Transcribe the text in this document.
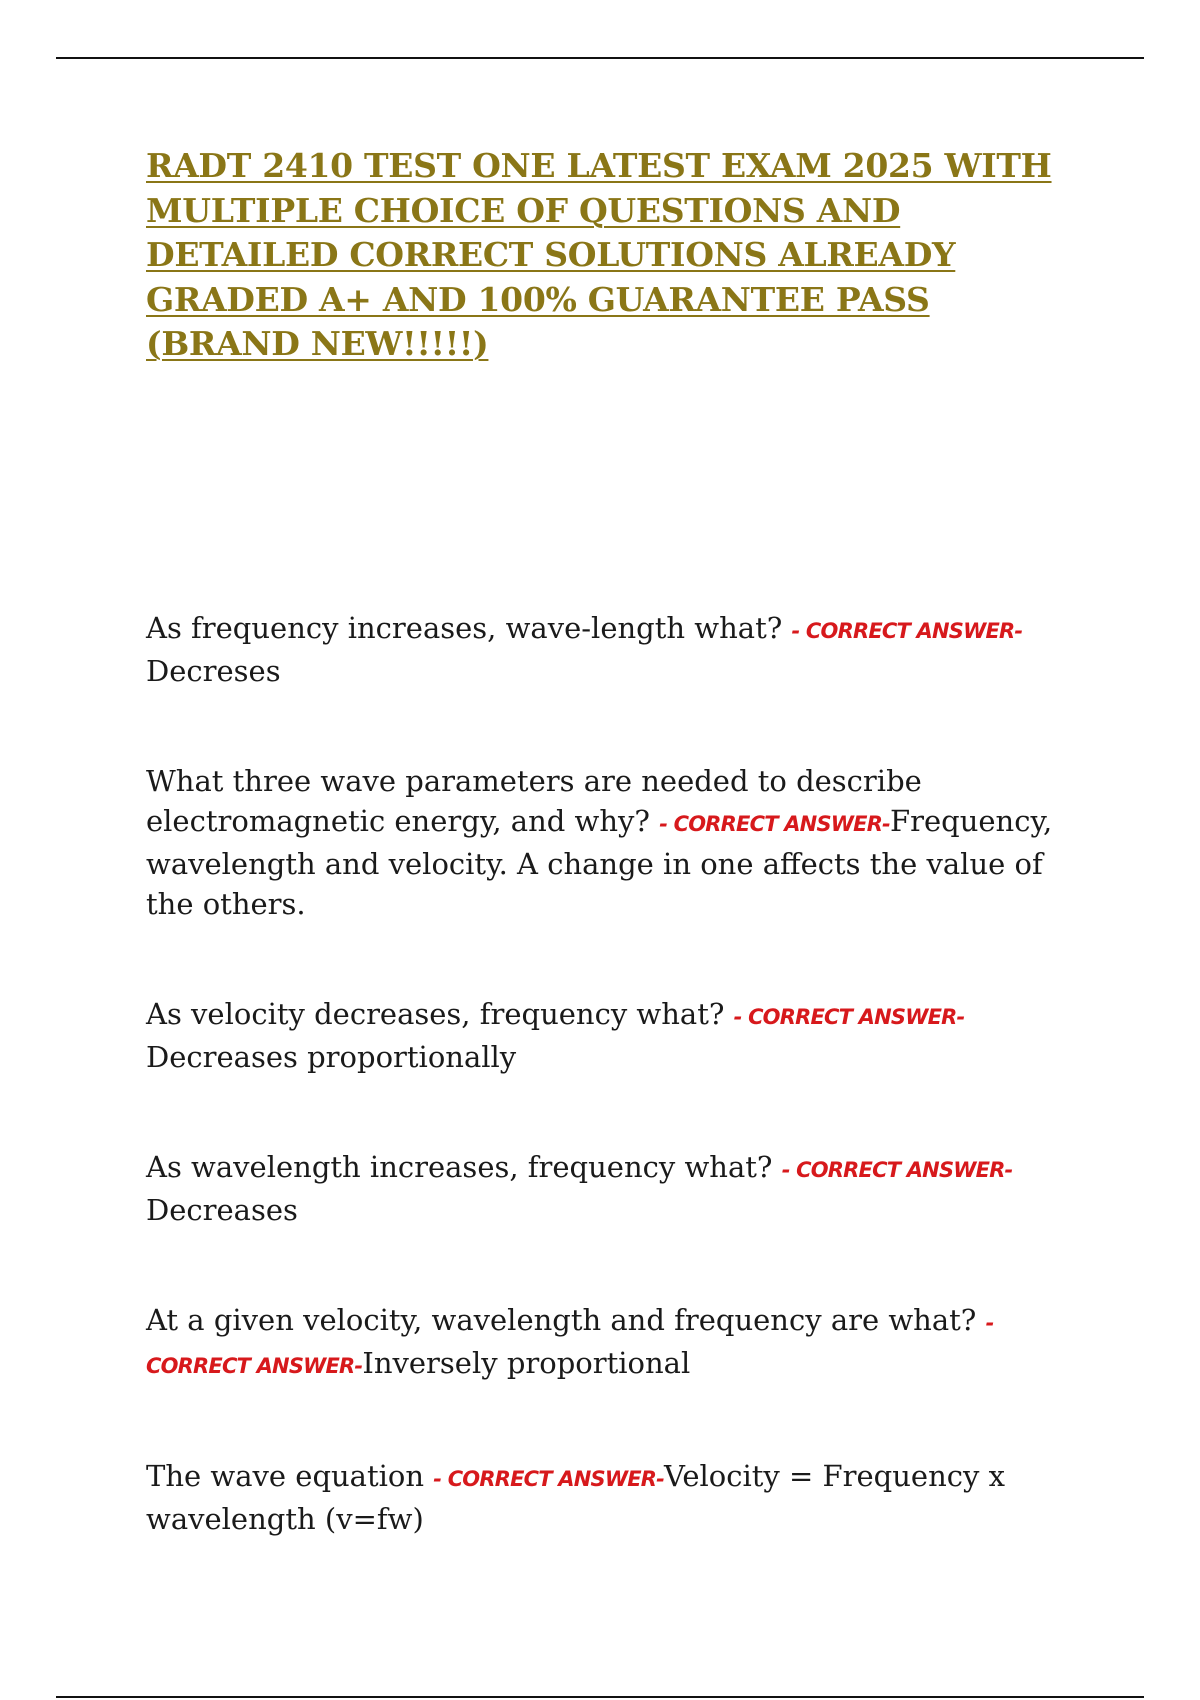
RADT 2410 TEST ONE LATEST EXAM 2025 WITH MULTIPLE CHOICE OF QUESTIONS AND DETAILED CORRECT SOLUTIONS ALREADY GRADED A+ AND 100% GUARANTEE PASS (BRAND NEW!!!!!)

As frequency increases, wave-length what? - CORRECT ANSWER-
Decreses

What three wave parameters are needed to describe electromagnetic energy, and why? - CORRECT ANSWER-Frequency, wavelength and velocity. A change in one affects the value of the others.

As velocity decreases, frequency what? - CORRECT ANSWER-
Decreases proportionally

As wavelength increases, frequency what? - CORRECT ANSWER-
Decreases

At a given velocity, wavelength and frequency are what? - CORRECT ANSWER-Inversely proportional

The wave equation - CORRECT ANSWER-Velocity = Frequency x wavelength (v=fw)
